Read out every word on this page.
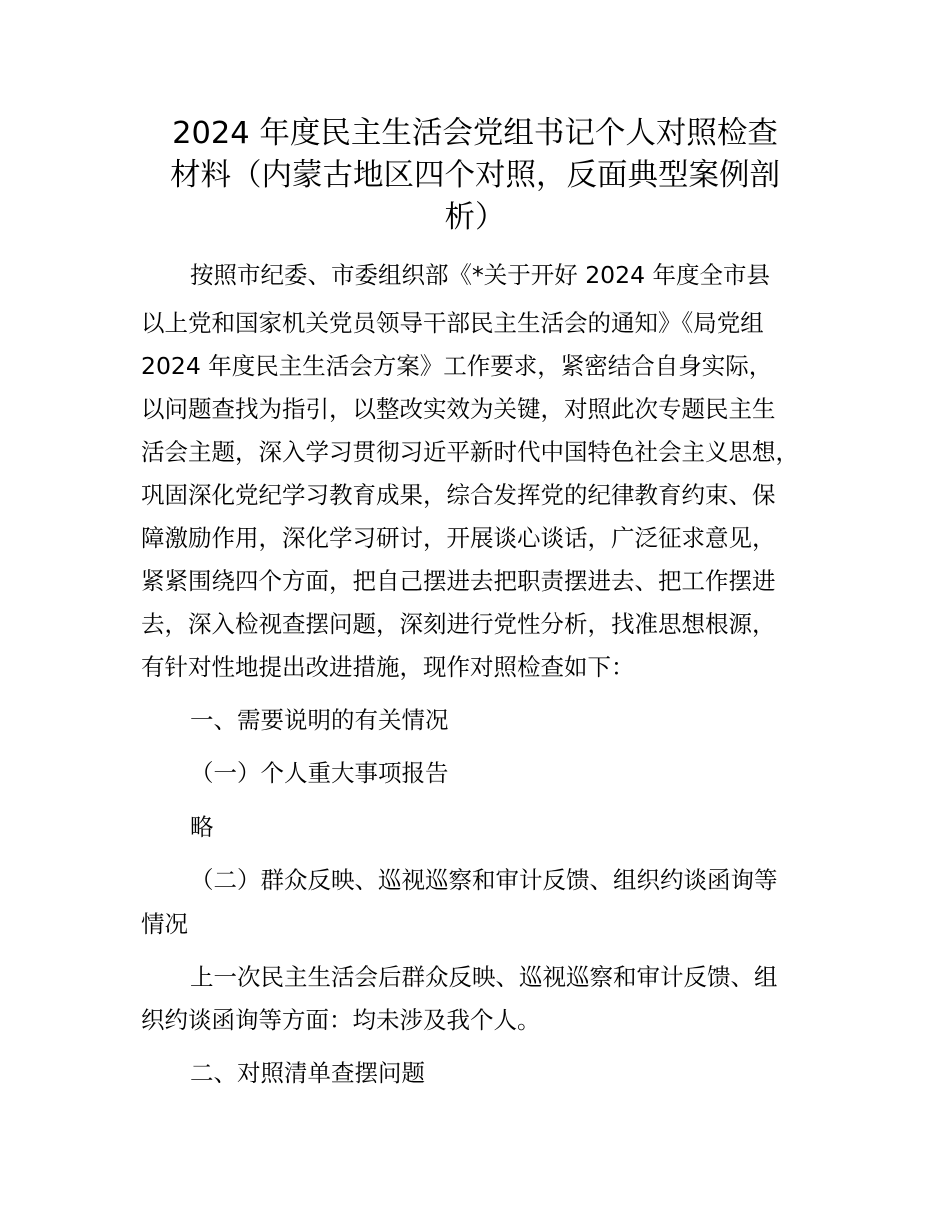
2024 年度民主生活会党组书记个人对照检查
材料（内蒙古地区四个对照，反面典型案例剖
析）
按照市纪委、市委组织部《*关于开好 2024 年度全市县
以上党和国家机关党员领导干部民主生活会的通知》《局党组
2024 年度民主生活会方案》工作要求，紧密结合自身实际，
以问题查找为指引，以整改实效为关键，对照此次专题民主生
活会主题，深入学习贯彻习近平新时代中国特色社会主义思想，
巩固深化党纪学习教育成果，综合发挥党的纪律教育约束、保
障激励作用，深化学习研讨，开展谈心谈话，广泛征求意见，
紧紧围绕四个方面，把自己摆进去把职责摆进去、把工作摆进
去，深入检视查摆问题，深刻进行党性分析，找准思想根源，
有针对性地提出改进措施，现作对照检查如下：
一、需要说明的有关情况
（一）个人重大事项报告
略
（二）群众反映、巡视巡察和审计反馈、组织约谈函询等
情况
上一次民主生活会后群众反映、巡视巡察和审计反馈、组
织约谈函询等方面：均未涉及我个人。
二、对照清单查摆问题
